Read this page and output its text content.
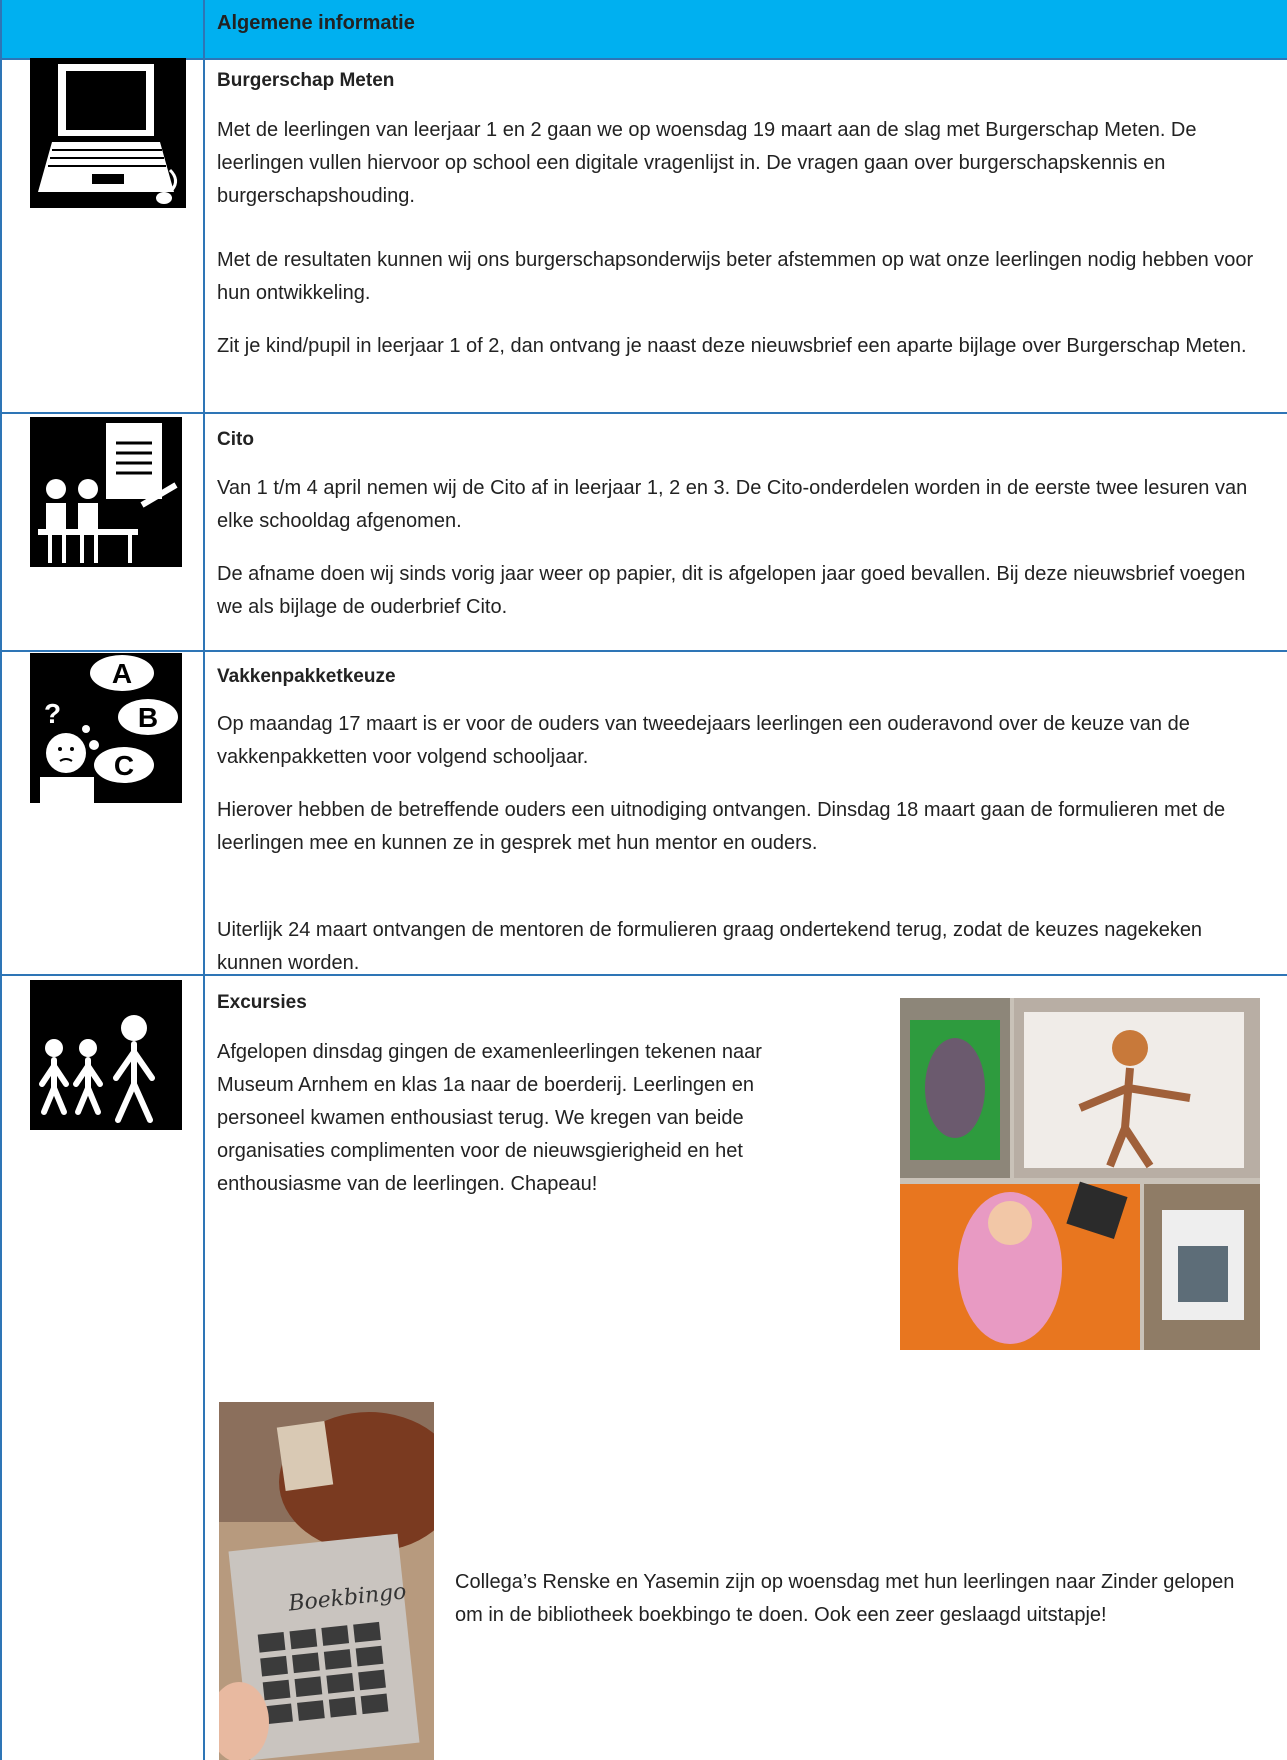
Algemene informatie
Burgerschap Meten

Met de leerlingen van leerjaar 1 en 2 gaan we op woensdag 19 maart aan de slag met Burgerschap Meten. De leerlingen vullen hiervoor op school een digitale vragenlijst in. De vragen gaan over burgerschapskennis en burgerschapshouding.

Met de resultaten kunnen wij ons burgerschapsonderwijs beter afstemmen op wat onze leerlingen nodig hebben voor hun ontwikkeling.

Zit je kind/pupil in leerjaar 1 of 2, dan ontvang je naast deze nieuwsbrief een aparte bijlage over Burgerschap Meten.

Cito

Van 1 t/m 4 april nemen wij de Cito af in leerjaar 1, 2 en 3. De Cito-onderdelen worden in de eerste twee lesuren van elke schooldag afgenomen.

De afname doen wij sinds vorig jaar weer op papier, dit is afgelopen jaar goed bevallen. Bij deze nieuwsbrief voegen we als bijlage de ouderbrief Cito.

A
B
C
?
Vakkenpakketkeuze

Op maandag 17 maart is er voor de ouders van tweedejaars leerlingen een ouderavond over de keuze van de vakkenpakketten voor volgend schooljaar.

Hierover hebben de betreffende ouders een uitnodiging ontvangen. Dinsdag 18 maart gaan de formulieren met de leerlingen mee en kunnen ze in gesprek met hun mentor en ouders.

Uiterlijk 24 maart ontvangen de mentoren de formulieren graag ondertekend terug, zodat de keuzes nagekeken kunnen worden.

Excursies

Afgelopen dinsdag gingen de examenleerlingen tekenen naar Museum Arnhem en klas 1a naar de boerderij. Leerlingen en personeel kwamen enthousiast terug. We kregen van beide organisaties complimenten voor de nieuwsgierigheid en het enthousiasme van de leerlingen. Chapeau!

Boekbingo Collega’s Renske en Yasemin zijn op woensdag met hun leerlingen naar Zinder gelopen om in de bibliotheek boekbingo te doen. Ook een zeer geslaagd uitstapje!
